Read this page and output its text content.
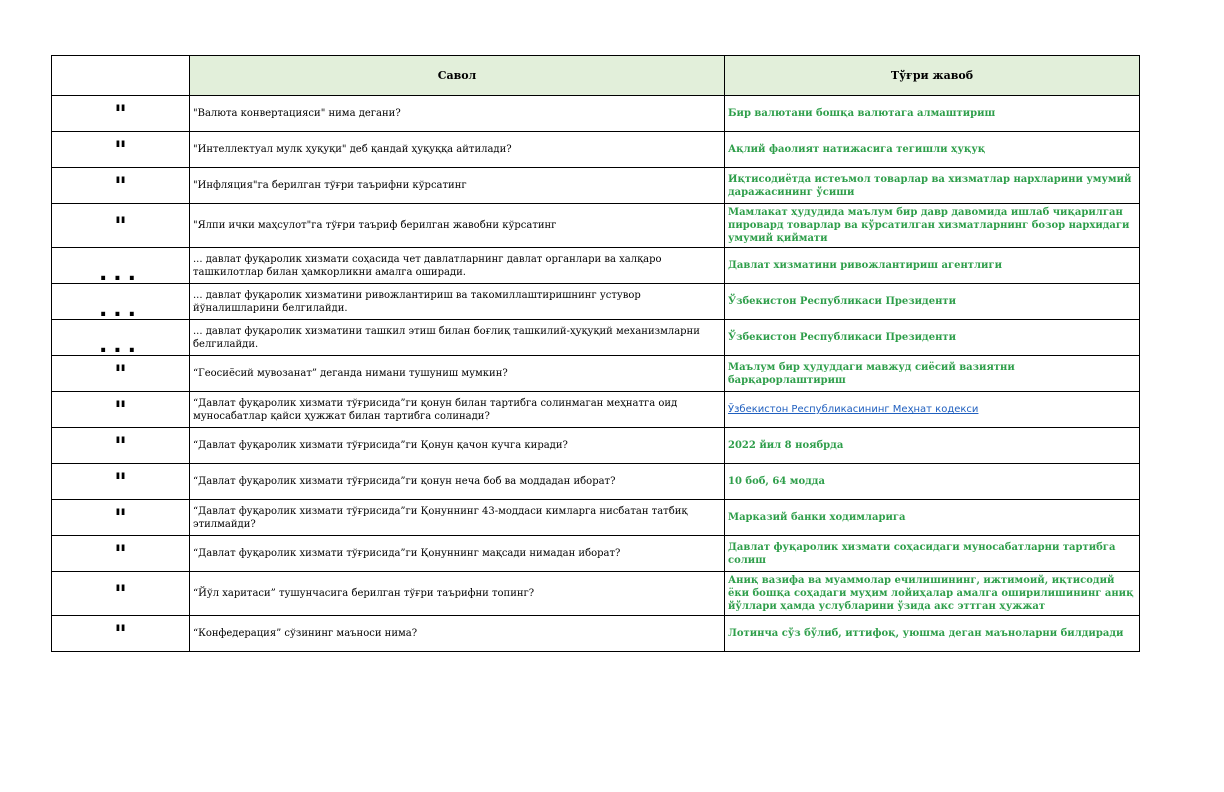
	Савол	Тўғри жавоб
"	"Валюта конвертацияси" нима дегани?	Бир валютани бошқа валютага алмаштириш
"	"Интеллектуал мулк ҳуқуқи" деб қандай ҳуқуққа айтилади?	Ақлий фаолият натижасига тегишли ҳуқуқ
"	"Инфляция"га берилган тўғри таърифни кўрсатинг	Иқтисодиётда истеъмол товарлар ва хизматлар нархларини умумий даражасининг ўсиши
"	"Ялпи ички маҳсулот"га тўғри таъриф берилган жавобни кўрсатинг	Мамлакат ҳудудида маълум бир давр давомида ишлаб чиқарилган пировард товарлар ва кўрсатилган хизматларнинг бозор нархидаги умумий қиймати
...	... давлат фуқаролик хизмати соҳасида чет давлатларнинг давлат органлари ва халқаро ташкилотлар билан ҳамкорликни амалга оширади.	Давлат хизматини ривожлантириш агентлиги
...	... давлат фуқаролик хизматини ривожлантириш ва такомиллаштиришнинг устувор йўналишларини белгилайди.	Ўзбекистон Республикаси Президенти
...	... давлат фуқаролик хизматини ташкил этиш билан боғлиқ ташкилий-ҳуқуқий механизмларни белгилайди.	Ўзбекистон Республикаси Президенти
"	“Геосиёсий мувозанат” деганда нимани тушуниш мумкин?	Маълум бир ҳудуддаги мавжуд сиёсий вазиятни барқарорлаштириш
"	“Давлат фуқаролик хизмати тўғрисида”ги қонун билан тартибга солинмаган меҳнатга оид муносабатлар қайси ҳужжат билан тартибга солинади?	Ўзбекистон Республикасининг Меҳнат кодекси
"	“Давлат фуқаролик хизмати тўғрисида”ги Қонун қачон кучга киради?	2022 йил 8 ноябрда
"	“Давлат фуқаролик хизмати тўғрисида”ги қонун неча боб ва моддадан иборат?	10 боб, 64 модда
"	“Давлат фуқаролик хизмати тўғрисида”ги Қонуннинг 43-моддаси кимларга нисбатан татбиқ этилмайди?	Марказий банки ходимларига
"	“Давлат фуқаролик хизмати тўғрисида”ги Қонуннинг мақсади нимадан иборат?	Давлат фуқаролик хизмати соҳасидаги муносабатларни тартибга солиш
"	“Йўл харитаси” тушунчасига берилган тўғри таърифни топинг?	Аниқ вазифа ва муаммолар ечилишининг, ижтимоий, иқтисодий ёки бошқа соҳадаги муҳим лойиҳалар амалга оширилишининг аниқ йўллари ҳамда услубларини ўзида акс эттган ҳужжат
"	“Конфедерация” сўзининг маъноси нима?	Лотинча сўз бўлиб, иттифоқ, уюшма деган маъноларни билдиради
